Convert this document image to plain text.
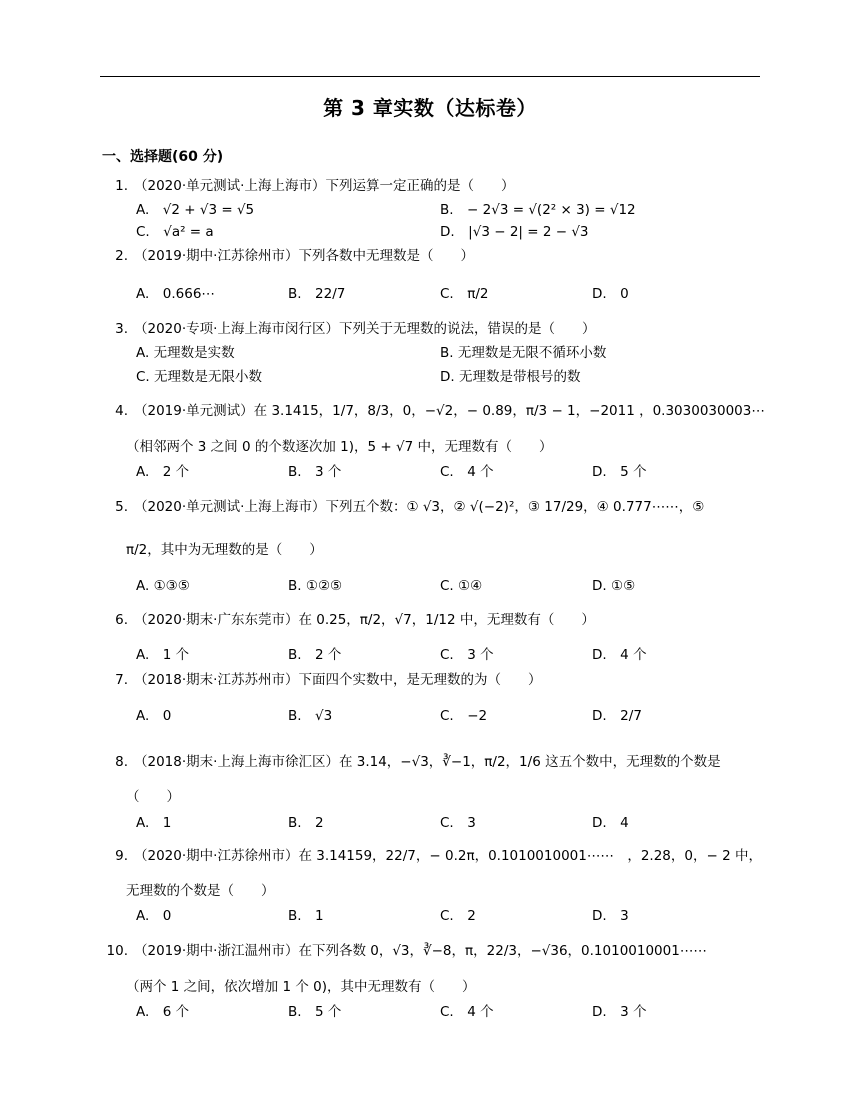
第 3 章实数（达标卷）
一、选择题(60 分)
1. （2020·单元测试·上海上海市）下列运算一定正确的是（　　）
A.　√2 + √3 = √5	B.　− 2√3 = √(2² × 3) = √12
C.　√a² = a	D.　|√3 − 2| = 2 − √3
2. （2019·期中·江苏徐州市）下列各数中无理数是（　　）
A.　0.666⋯	B.　22/7	C.　π/2	D.　0
3. （2020·专项·上海上海市闵行区）下列关于无理数的说法，错误的是（　　）
A. 无理数是实数	B. 无理数是无限不循环小数
C. 无理数是无限小数	D. 无理数是带根号的数
4. （2019·单元测试）在 3.1415，1/7，8/3，0，−√2，− 0.89，π/3 − 1，−2011 ，0.3030030003⋯
（相邻两个 3 之间 0 的个数逐次加 1)，5 + √7 中，无理数有（　　）
A.　2 个	B.　3 个	C.　4 个	D.　5 个
5. （2020·单元测试·上海上海市）下列五个数：① √3，② √(−2)²，③ 17/29，④ 0.777⋯⋯，⑤
π/2，其中为无理数的是（　　）
A. ①③⑤	B. ①②⑤	C. ①④	D. ①⑤
6. （2020·期末·广东东莞市）在 0.25，π/2，√7，1/12 中，无理数有（　　）
A.　1 个	B.　2 个	C.　3 个	D.　4 个
7. （2018·期末·江苏苏州市）下面四个实数中，是无理数的为（　　）
A.　0	B.　√3	C.　−2	D.　2/7
8. （2018·期末·上海上海市徐汇区）在 3.14，−√3，∛−1，π/2，1/6 这五个数中，无理数的个数是
（　　）
A.　1	B.　2	C.　3	D.　4
9. （2020·期中·江苏徐州市）在 3.14159，22/7，− 0.2π，0.1010010001⋯⋯　，2.28，0，− 2 中，
无理数的个数是（　　）
A.　0	B.　1	C.　2	D.　3
10. （2019·期中·浙江温州市）在下列各数 0，√3，∛−8，π，22/3，−√36，0.1010010001⋯⋯
（两个 1 之间，依次增加 1 个 0)，其中无理数有（　　）
A.　6 个	B.　5 个	C.　4 个	D.　3 个
